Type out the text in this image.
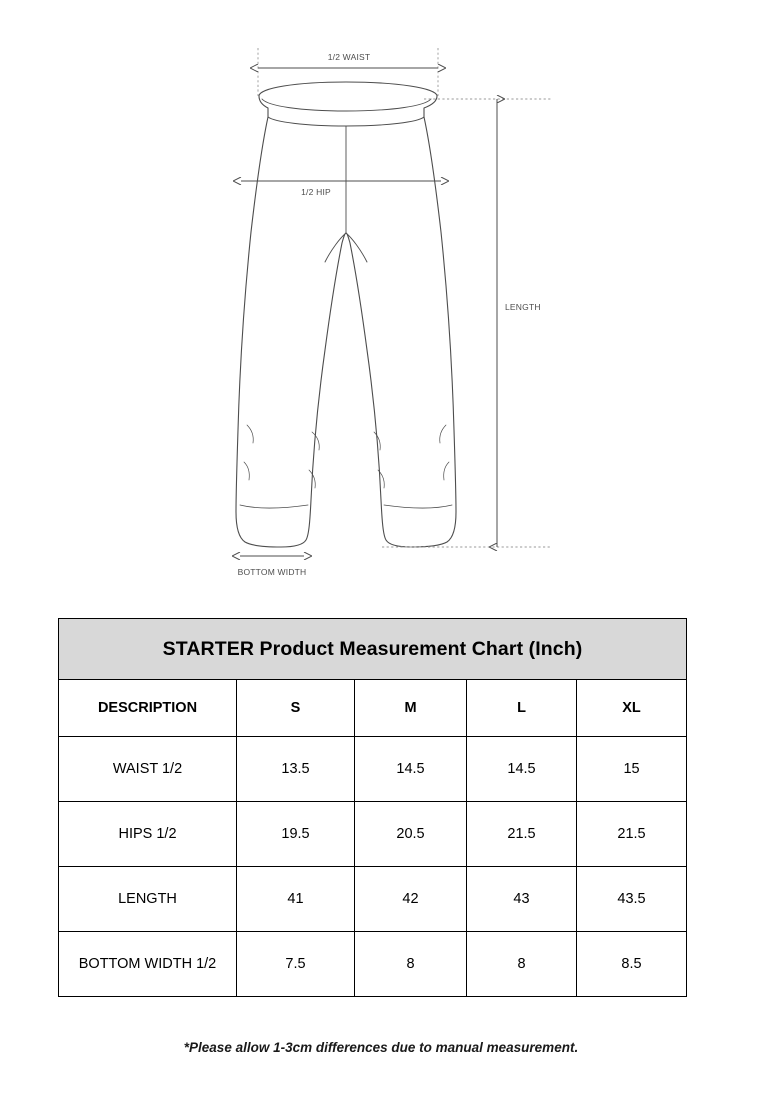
1/2 WAIST
1/2 HIP
LENGTH
BOTTOM WIDTH
STARTER Product Measurement Chart (Inch)				
DESCRIPTION	S	M	L	XL
WAIST 1/2	13.5	14.5	14.5	15
HIPS 1/2	19.5	20.5	21.5	21.5
LENGTH	41	42	43	43.5
BOTTOM WIDTH 1/2	7.5	8	8	8.5
*Please allow 1-3cm differences due to manual measurement.
